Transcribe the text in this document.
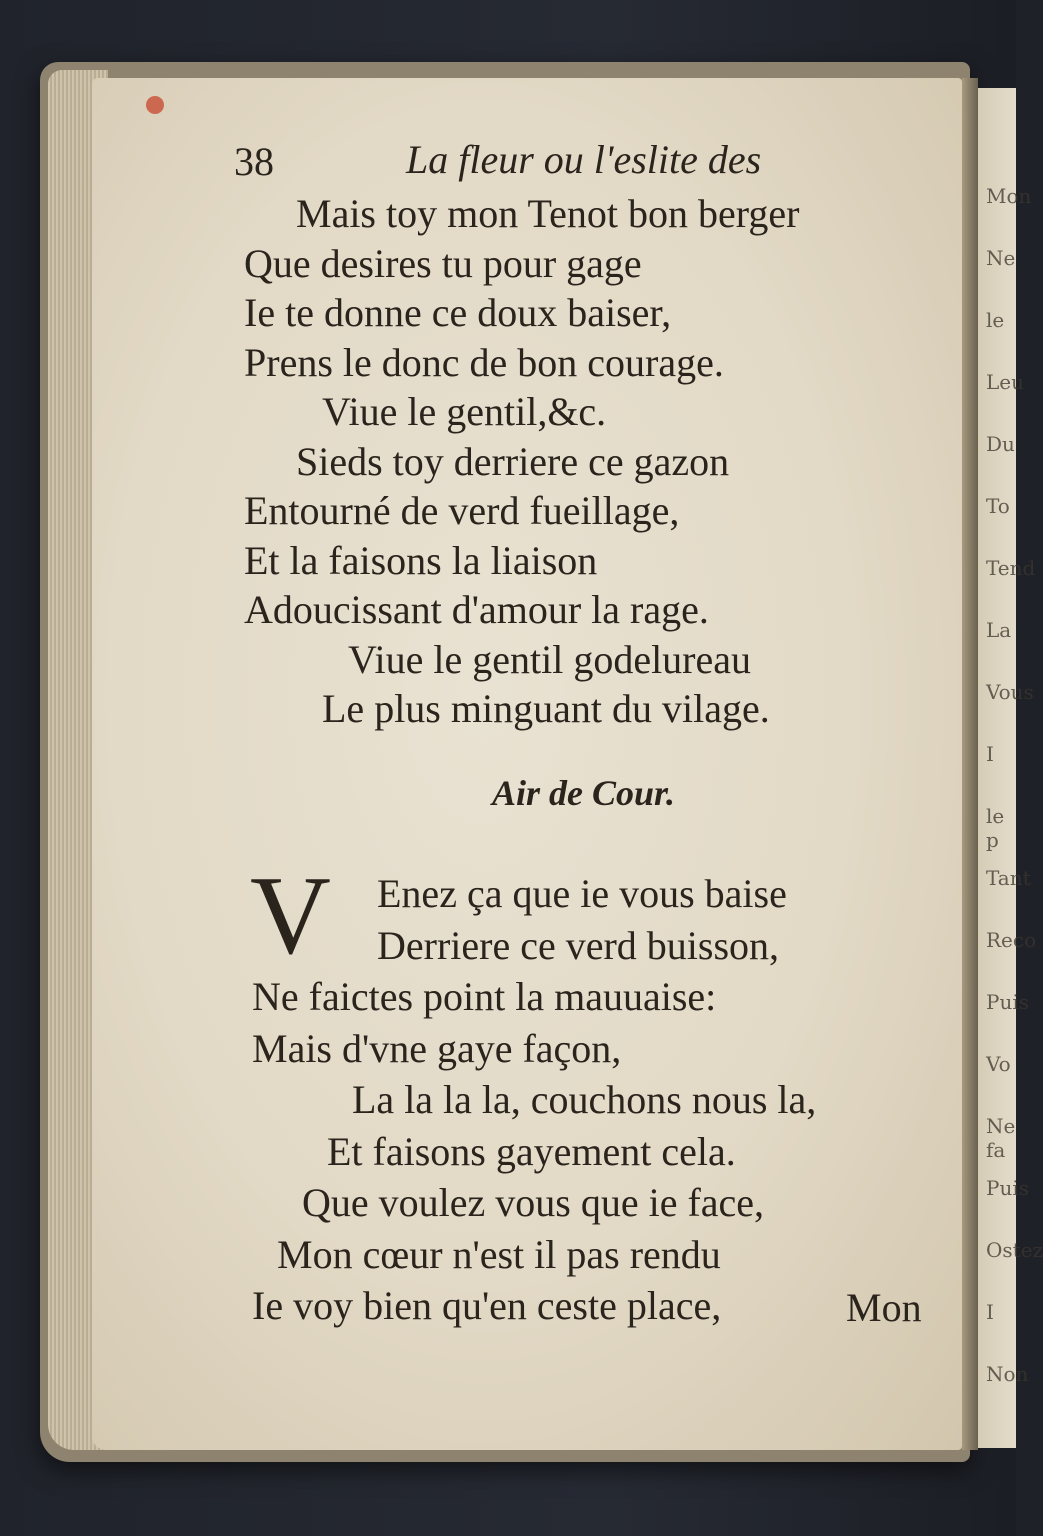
Mon
Ne
le
Leu
Du
To
Tend
La
Vous
I
le p
Tant
Reco
Puis
Vo
Ne fa
Puis
Ostez
I
Non
38	La fleur ou l'eslite des
Mais toy mon Tenot bon berger
Que desires tu pour gage
Ie te donne ce doux baiser,
Prens le donc de bon courage.
Viue le gentil,&c.
Sieds toy derriere ce gazon
Entourné de verd fueillage,
Et la faisons la liaison
Adoucissant d'amour la rage.
Viue le gentil godelureau
Le plus minguant du vilage.
Air de Cour.
V Enez ça que ie vous baise
Derriere ce verd buisson,
Ne faictes point la mauuaise:
Mais d'vne gaye façon,
La la la la, couchons nous la,
Et faisons gayement cela.
Que voulez vous que ie face,
Mon cœur n'est il pas rendu
Ie voy bien qu'en ceste place,	Mon
